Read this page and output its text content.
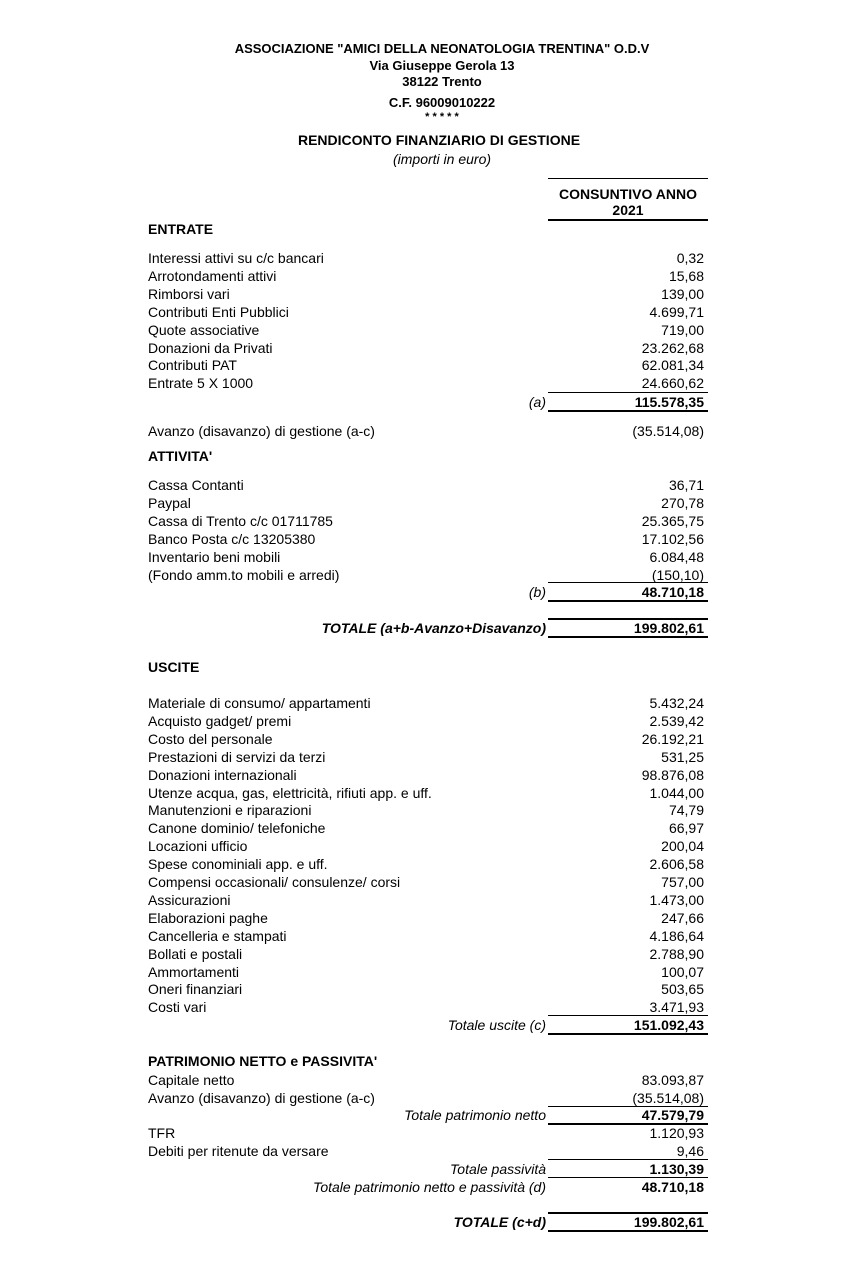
ASSOCIAZIONE "AMICI DELLA NEONATOLOGIA TRENTINA" O.D.V
Via Giuseppe Gerola 13
38122 Trento
C.F. 96009010222
* * * * *
RENDICONTO FINANZIARIO DI GESTIONE
(importi in euro)
CONSUNTIVO ANNO
2021
ENTRATE
Interessi attivi su c/c bancari	0,32
Arrotondamenti attivi	15,68
Rimborsi vari	139,00
Contributi Enti Pubblici	4.699,71
Quote associative	719,00
Donazioni da Privati	23.262,68
Contributi PAT	62.081,34
Entrate 5 X 1000	24.660,62
(a)	115.578,35
Avanzo (disavanzo) di gestione (a-c)	(35.514,08)
ATTIVITA'
Cassa Contanti	36,71
Paypal	270,78
Cassa di Trento c/c 01711785	25.365,75
Banco Posta c/c 13205380	17.102,56
Inventario beni mobili	6.084,48
(Fondo amm.to mobili e arredi)	(150,10)
(b)	48.710,18
TOTALE (a+b-Avanzo+Disavanzo)	199.802,61
USCITE
Materiale di consumo/ appartamenti	5.432,24
Acquisto gadget/ premi	2.539,42
Costo del personale	26.192,21
Prestazioni di servizi da terzi	531,25
Donazioni internazionali	98.876,08
Utenze acqua, gas, elettricità, rifiuti app. e uff.	1.044,00
Manutenzioni e riparazioni	74,79
Canone dominio/ telefoniche	66,97
Locazioni ufficio	200,04
Spese conominiali app. e uff.	2.606,58
Compensi occasionali/ consulenze/ corsi	757,00
Assicurazioni	1.473,00
Elaborazioni paghe	247,66
Cancelleria e stampati	4.186,64
Bollati e postali	2.788,90
Ammortamenti	100,07
Oneri finanziari	503,65
Costi vari	3.471,93
Totale uscite (c)	151.092,43
PATRIMONIO NETTO e PASSIVITA'
Capitale netto	83.093,87
Avanzo (disavanzo) di gestione (a-c)	(35.514,08)
Totale patrimonio netto	47.579,79
TFR	1.120,93
Debiti per ritenute da versare	9,46
Totale passività	1.130,39
Totale patrimonio netto e passività (d)	48.710,18
TOTALE (c+d)	199.802,61
